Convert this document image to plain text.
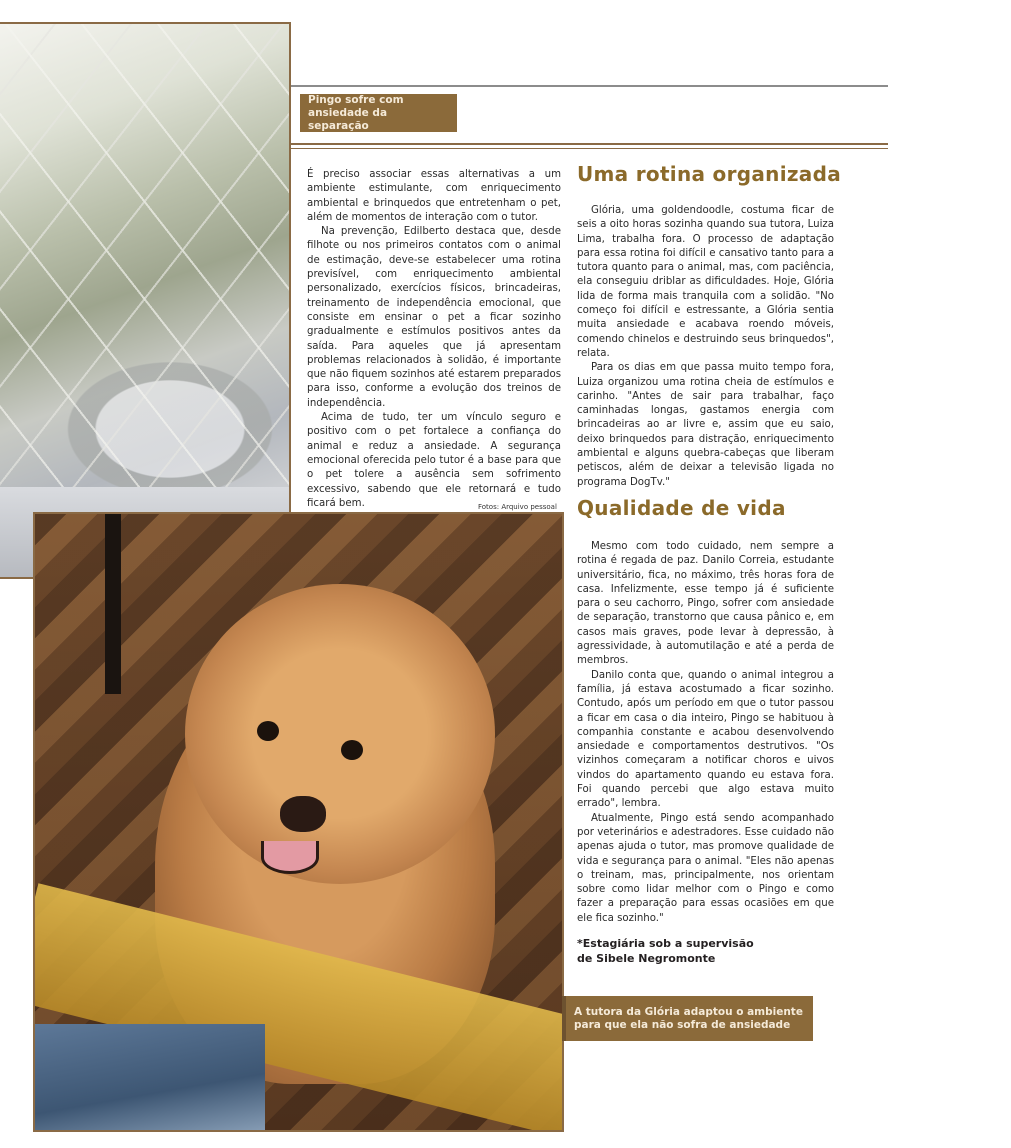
Pingo sofre com
ansiedade da separação

É preciso associar essas alternativas a um ambiente estimulante, com enriquecimento ambiental e brinquedos que entretenham o pet, além de momentos de interação com o tutor.

Na prevenção, Edilberto destaca que, desde filhote ou nos primeiros contatos com o animal de estimação, deve-se estabelecer uma rotina previsível, com enriquecimento ambiental personalizado, exercícios físicos, brincadeiras, treinamento de independência emocional, que consiste em ensinar o pet a ficar sozinho gradualmente e estímulos positivos antes da saída. Para aqueles que já apresentam problemas relacionados à solidão, é importante que não fiquem sozinhos até estarem preparados para isso, conforme a evolução dos treinos de independência.

Acima de tudo, ter um vínculo seguro e positivo com o pet fortalece a confiança do animal e reduz a ansiedade. A segurança emocional oferecida pelo tutor é a base para que o pet tolere a ausência sem sofrimento excessivo, sabendo que ele retornará e tudo ficará bem.

Uma rotina organizada

Glória, uma goldendoodle, costuma ficar de seis a oito horas sozinha quando sua tutora, Luiza Lima, trabalha fora. O processo de adaptação para essa rotina foi difícil e cansativo tanto para a tutora quanto para o animal, mas, com paciência, ela conseguiu driblar as dificuldades. Hoje, Glória lida de forma mais tranquila com a solidão. "No começo foi difícil e estressante, a Glória sentia muita ansiedade e acabava roendo móveis, comendo chinelos e destruindo seus brinquedos", relata.

Para os dias em que passa muito tempo fora, Luiza organizou uma rotina cheia de estímulos e carinho. "Antes de sair para trabalhar, faço caminhadas longas, gastamos energia com brincadeiras ao ar livre e, assim que eu saio, deixo brinquedos para distração, enriquecimento ambiental e alguns quebra-cabeças que liberam petiscos, além de deixar a televisão ligada no programa DogTv."

Qualidade de vida

Mesmo com todo cuidado, nem sempre a rotina é regada de paz. Danilo Correia, estudante universitário, fica, no máximo, três horas fora de casa. Infelizmente, esse tempo já é suficiente para o seu cachorro, Pingo, sofrer com ansiedade de separação, transtorno que causa pânico e, em casos mais graves, pode levar à depressão, à agressividade, à automutilação e até a perda de membros.

Danilo conta que, quando o animal integrou a família, já estava acostumado a ficar sozinho. Contudo, após um período em que o tutor passou a ficar em casa o dia inteiro, Pingo se habituou à companhia constante e acabou desenvolvendo ansiedade e comportamentos destrutivos. "Os vizinhos começaram a notificar choros e uivos vindos do apartamento quando eu estava fora. Foi quando percebi que algo estava muito errado", lembra.

Atualmente, Pingo está sendo acompanhado por veterinários e adestradores. Esse cuidado não apenas ajuda o tutor, mas promove qualidade de vida e segurança para o animal. "Eles não apenas o treinam, mas, principalmente, nos orientam sobre como lidar melhor com o Pingo e como fazer a preparação para essas ocasiões em que ele fica sozinho."

Fotos: Arquivo pessoal
*Estagiária sob a supervisão
de Sibele Negromonte
A tutora da Glória adaptou o ambiente
para que ela não sofra de ansiedade
